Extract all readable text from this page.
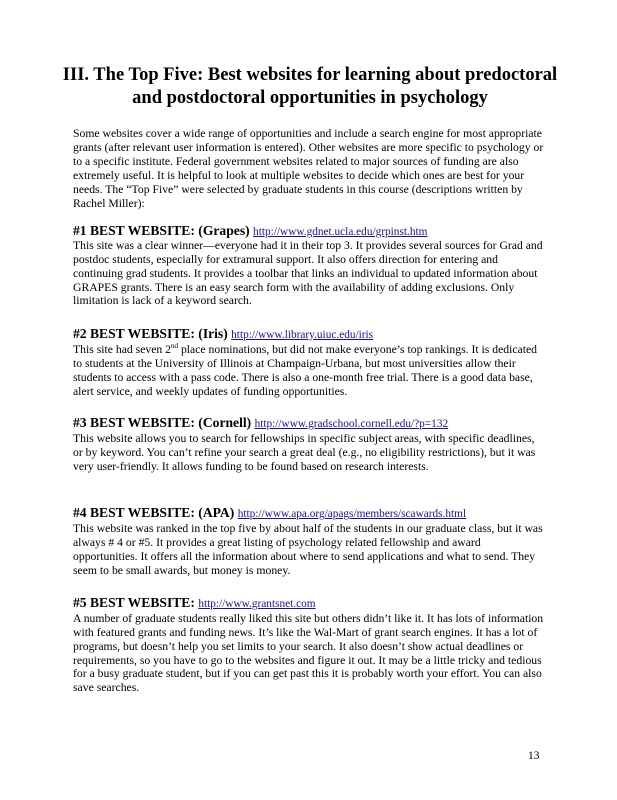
III. The Top Five: Best websites for learning about predoctoral and postdoctoral opportunities in psychology

Some websites cover a wide range of opportunities and include a search engine for most appropriate grants (after relevant user information is entered). Other websites are more specific to psychology or to a specific institute. Federal government websites related to major sources of funding are also extremely useful. It is helpful to look at multiple websites to decide which ones are best for your needs. The “Top Five” were selected by graduate students in this course (descriptions written by Rachel Miller):

#1 BEST WEBSITE: (Grapes) http://www.gdnet.ucla.edu/grpinst.htm

This site was a clear winner—everyone had it in their top 3. It provides several sources for Grad and postdoc students, especially for extramural support. It also offers direction for entering and continuing grad students. It provides a toolbar that links an individual to updated information about GRAPES grants. There is an easy search form with the availability of adding exclusions. Only limitation is lack of a keyword search.

#2 BEST WEBSITE: (Iris) http://www.library.uiuc.edu/iris

This site had seven 2nd place nominations, but did not make everyone’s top rankings. It is dedicated to students at the University of Illinois at Champaign-Urbana, but most universities allow their students to access with a pass code. There is also a one-month free trial. There is a good data base, alert service, and weekly updates of funding opportunities.

#3 BEST WEBSITE: (Cornell) http://www.gradschool.cornell.edu/?p=132

This website allows you to search for fellowships in specific subject areas, with specific deadlines, or by keyword. You can’t refine your search a great deal (e.g., no eligibility restrictions), but it was very user-friendly. It allows funding to be found based on research interests.

#4 BEST WEBSITE: (APA) http://www.apa.org/apags/members/scawards.html

This website was ranked in the top five by about half of the students in our graduate class, but it was always # 4 or #5. It provides a great listing of psychology related fellowship and award opportunities. It offers all the information about where to send applications and what to send. They seem to be small awards, but money is money.

#5 BEST WEBSITE: http://www.grantsnet.com

A number of graduate students really liked this site but others didn’t like it. It has lots of information with featured grants and funding news. It’s like the Wal-Mart of grant search engines. It has a lot of programs, but doesn’t help you set limits to your search. It also doesn’t show actual deadlines or requirements, so you have to go to the websites and figure it out. It may be a little tricky and tedious for a busy graduate student, but if you can get past this it is probably worth your effort. You can also save searches.

13
